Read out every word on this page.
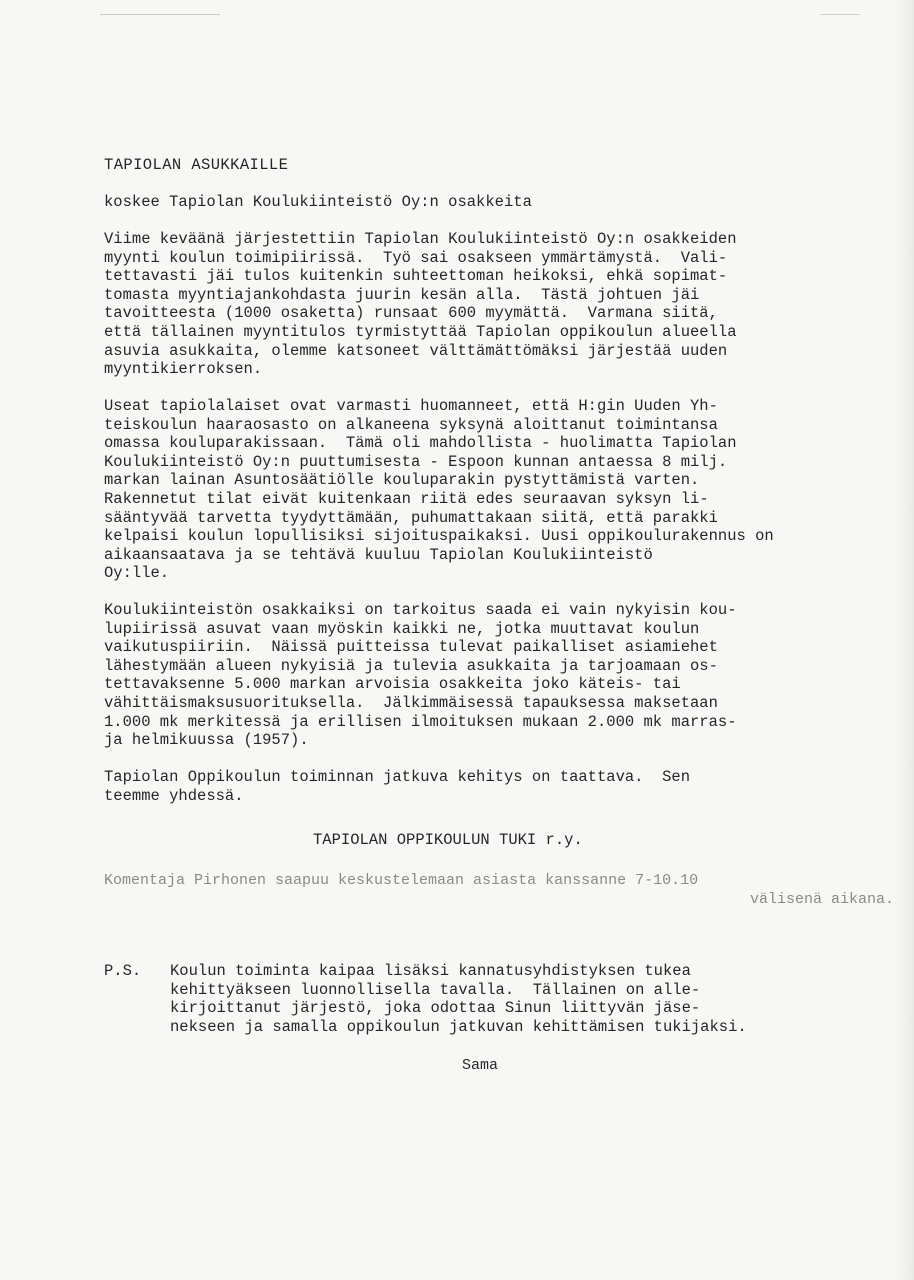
TAPIOLAN ASUKKAILLE
koskee Tapiolan Koulukiinteistö Oy:n osakkeita
Viime keväänä järjestettiin Tapiolan Koulukiinteistö Oy:n osakkeiden
myynti koulun toimipiirissä.  Työ sai osakseen ymmärtämystä.  Vali-
tettavasti jäi tulos kuitenkin suhteettoman heikoksi, ehkä sopimat-
tomasta myyntiajankohdasta juurin kesän alla.  Tästä johtuen jäi
tavoitteesta (1000 osaketta) runsaat 600 myymättä.  Varmana siitä,
että tällainen myyntitulos tyrmistyttää Tapiolan oppikoulun alueella
asuvia asukkaita, olemme katsoneet välttämättömäksi järjestää uuden
myyntikierroksen.
Useat tapiolalaiset ovat varmasti huomanneet, että H:gin Uuden Yh-
teiskoulun haaraosasto on alkaneena syksynä aloittanut toimintansa
omassa kouluparakissaan.  Tämä oli mahdollista - huolimatta Tapiolan
Koulukiinteistö Oy:n puuttumisesta - Espoon kunnan antaessa 8 milj.
markan lainan Asuntosäätiölle kouluparakin pystyttämistä varten.
Rakennetut tilat eivät kuitenkaan riitä edes seuraavan syksyn li-
sääntyvää tarvetta tyydyttämään, puhumattakaan siitä, että parakki
kelpaisi koulun lopullisiksi sijoituspaikaksi. Uusi oppikoulurakennus on aikaansaatava ja se tehtävä kuuluu Tapiolan Koulukiinteistö
Oy:lle.
Koulukiinteistön osakkaiksi on tarkoitus saada ei vain nykyisin kou-
lupiirissä asuvat vaan myöskin kaikki ne, jotka muuttavat koulun
vaikutuspiiriin.  Näissä puitteissa tulevat paikalliset asiamiehet
lähestymään alueen nykyisiä ja tulevia asukkaita ja tarjoamaan os-
tettavaksenne 5.000 markan arvoisia osakkeita joko käteis- tai
vähittäismaksusuorituksella.  Jälkimmäisessä tapauksessa maksetaan
1.000 mk merkitessä ja erillisen ilmoituksen mukaan 2.000 mk marras-
ja helmikuussa (1957).
Tapiolan Oppikoulun toiminnan jatkuva kehitys on taattava.  Sen
teemme yhdessä.
TAPIOLAN OPPIKOULUN TUKI r.y.
Komentaja Pirhonen saapuu keskustelemaan asiasta kanssanne 7-10.10
välisenä aikana.
P.S. Koulun toiminta kaipaa lisäksi kannatusyhdistyksen tukea
kehittyäkseen luonnollisella tavalla.  Tällainen on alle-
kirjoittanut järjestö, joka odottaa Sinun liittyvän jäse-
nekseen ja samalla oppikoulun jatkuvan kehittämisen tukijaksi.
Sama
